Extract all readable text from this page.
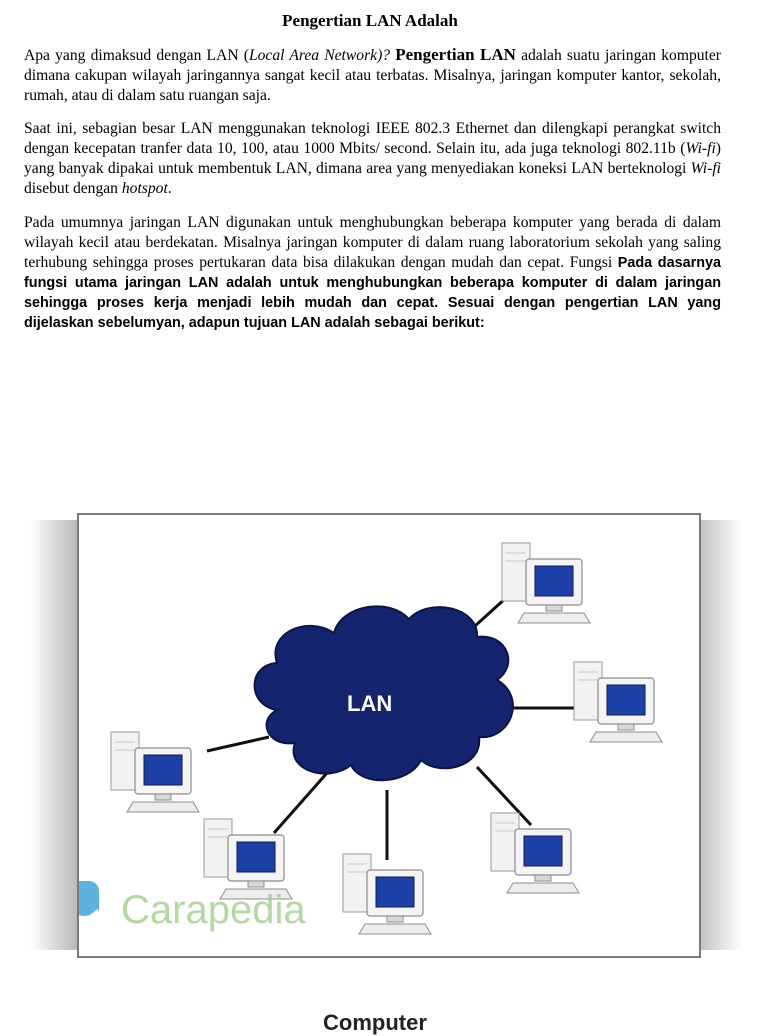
Pengertian LAN Adalah

Apa yang dimaksud dengan LAN (Local Area Network)? Pengertian LAN adalah suatu jaringan komputer dimana cakupan wilayah jaringannya sangat kecil atau terbatas. Misalnya, jaringan komputer kantor, sekolah, rumah, atau di dalam satu ruangan saja.

Saat ini, sebagian besar LAN menggunakan teknologi IEEE 802.3 Ethernet dan dilengkapi perangkat switch dengan kecepatan tranfer data 10, 100, atau 1000 Mbits/ second. Selain itu, ada juga teknologi 802.11b (Wi-fi) yang banyak dipakai untuk membentuk LAN, dimana area yang menyediakan koneksi LAN berteknologi Wi-fi disebut dengan hotspot.

Pada umumnya jaringan LAN digunakan untuk menghubungkan beberapa komputer yang berada di dalam wilayah kecil atau berdekatan. Misalnya jaringan komputer di dalam ruang laboratorium sekolah yang saling terhubung sehingga proses pertukaran data bisa dilakukan dengan mudah dan cepat. Fungsi Pada dasarnya fungsi utama jaringan LAN adalah untuk menghubungkan beberapa komputer di dalam jaringan sehingga proses kerja menjadi lebih mudah dan cepat. Sesuai dengan pengertian LAN yang dijelaskan sebelumyan, adapun tujuan LAN adalah sebagai berikut:

LAN
Carapedia
Computer
